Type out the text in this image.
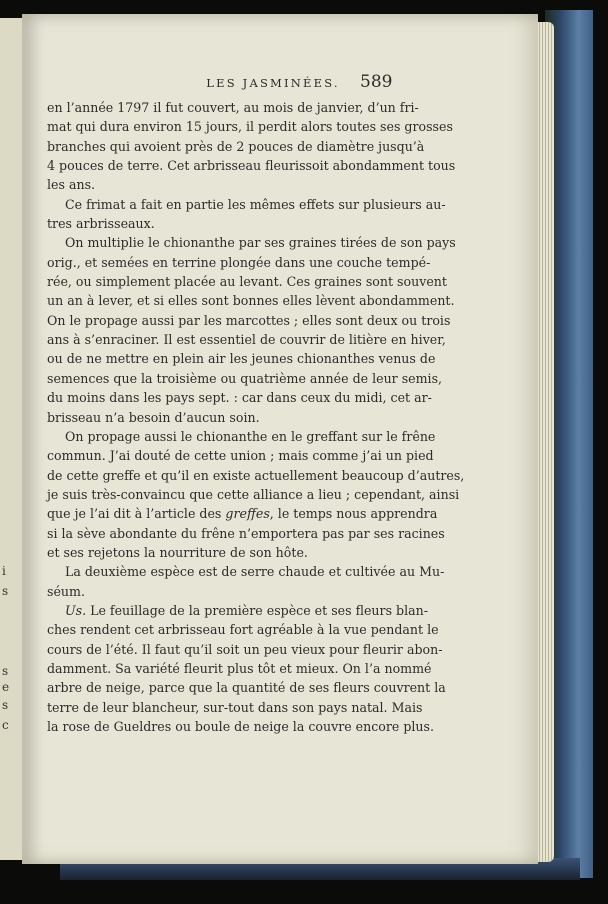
i
s
s
e
s
c
LES JASMINÉES.	589
en l’année 1797 il fut couvert, au mois de janvier, d’un fri-
mat qui dura environ 15 jours, il perdit alors toutes ses grosses
branches qui avoient près de 2 pouces de diamètre jusqu’à
4 pouces de terre. Cet arbrisseau fleurissoit abondamment tous
les ans.
Ce frimat a fait en partie les mêmes effets sur plusieurs au-
tres arbrisseaux.
On multiplie le chionanthe par ses graines tirées de son pays
orig., et semées en terrine plongée dans une couche tempé-
rée, ou simplement placée au levant. Ces graines sont souvent
un an à lever, et si elles sont bonnes elles lèvent abondamment.
On le propage aussi par les marcottes ; elles sont deux ou trois
ans à s’enraciner. Il est essentiel de couvrir de litière en hiver,
ou de ne mettre en plein air les jeunes chionanthes venus de
semences que la troisième ou quatrième année de leur semis,
du moins dans les pays sept. : car dans ceux du midi, cet ar-
brisseau n’a besoin d’aucun soin.
On propage aussi le chionanthe en le greffant sur le frêne
commun. J’ai douté de cette union ; mais comme j’ai un pied
de cette greffe et qu’il en existe actuellement beaucoup d’autres,
je suis très-convaincu que cette alliance a lieu ; cependant, ainsi
que je l’ai dit à l’article des greffes, le temps nous apprendra
si la sève abondante du frêne n’emportera pas par ses racines
et ses rejetons la nourriture de son hôte.
La deuxième espèce est de serre chaude et cultivée au Mu-
séum.
Us. Le feuillage de la première espèce et ses fleurs blan-
ches rendent cet arbrisseau fort agréable à la vue pendant le
cours de l’été. Il faut qu’il soit un peu vieux pour fleurir abon-
damment. Sa variété fleurit plus tôt et mieux. On l’a nommé
arbre de neige, parce que la quantité de ses fleurs couvrent la
terre de leur blancheur, sur-tout dans son pays natal. Mais
la rose de Gueldres ou boule de neige la couvre encore plus.
